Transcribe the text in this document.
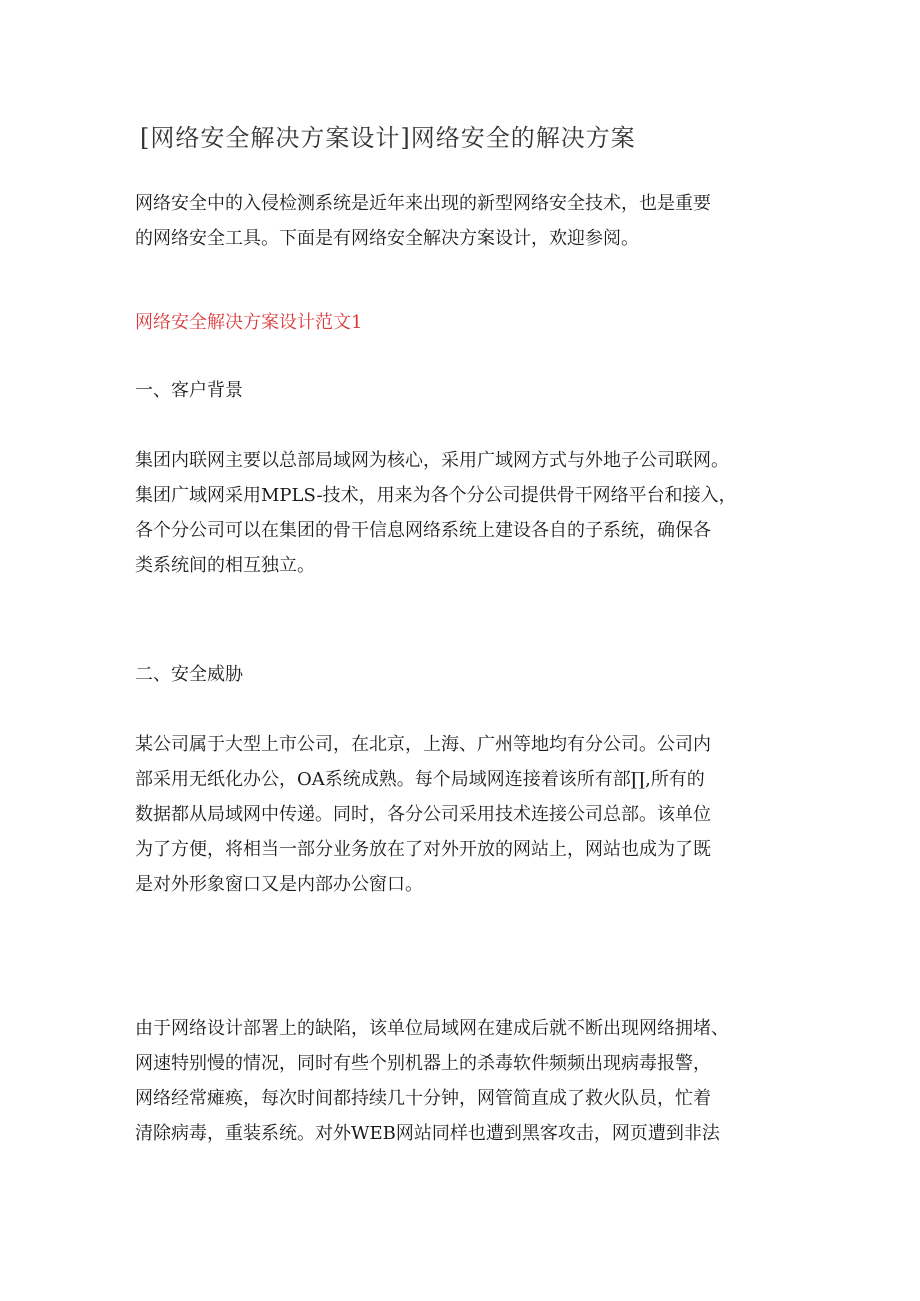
[网络安全解决方案设计]网络安全的解决方案
网络安全中的入侵检测系统是近年来出现的新型网络安全技术，也是重要
的网络安全工具。下面是有网络安全解决方案设计，欢迎参阅。
网络安全解决方案设计范文1
一、客户背景
集团内联网主要以总部局域网为核心，采用广域网方式与外地子公司联网。
集团广域网采用MPLS-技术，用来为各个分公司提供骨干网络平台和接入，
各个分公司可以在集团的骨干信息网络系统上建设各自的子系统，确保各
类系统间的相互独立。
二、安全威胁
某公司属于大型上市公司，在北京，上海、广州等地均有分公司。公司内
部采用无纸化办公，OA系统成熟。每个局域网连接着该所有部∏,所有的
数据都从局域网中传递。同时，各分公司采用技术连接公司总部。该单位
为了方便，将相当一部分业务放在了对外开放的网站上，网站也成为了既
是对外形象窗口又是内部办公窗口。
由于网络设计部署上的缺陷，该单位局域网在建成后就不断出现网络拥堵、
网速特别慢的情况，同时有些个别机器上的杀毒软件频频出现病毒报警，
网络经常瘫痪，每次时间都持续几十分钟，网管简直成了救火队员，忙着
清除病毒，重装系统。对外WEB网站同样也遭到黑客攻击，网页遭到非法
